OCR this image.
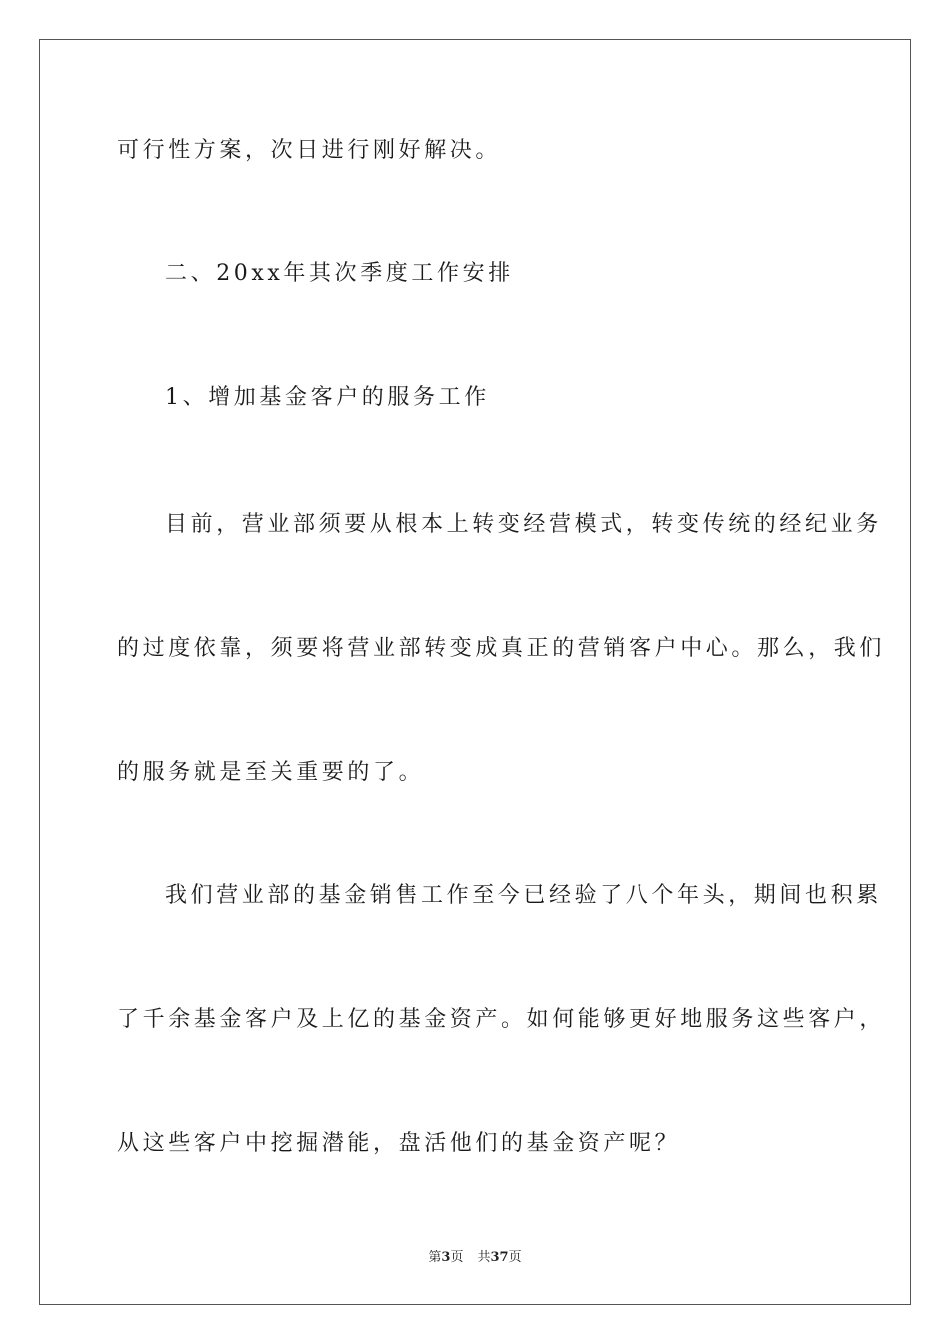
可行性方案，次日进行刚好解决。
二、20xx年其次季度工作安排
1、增加基金客户的服务工作
目前，营业部须要从根本上转变经营模式，转变传统的经纪业务
的过度依靠，须要将营业部转变成真正的营销客户中心。那么，我们
的服务就是至关重要的了。
我们营业部的基金销售工作至今已经验了八个年头，期间也积累
了千余基金客户及上亿的基金资产。如何能够更好地服务这些客户，
从这些客户中挖掘潜能，盘活他们的基金资产呢？
第3页 共37页
